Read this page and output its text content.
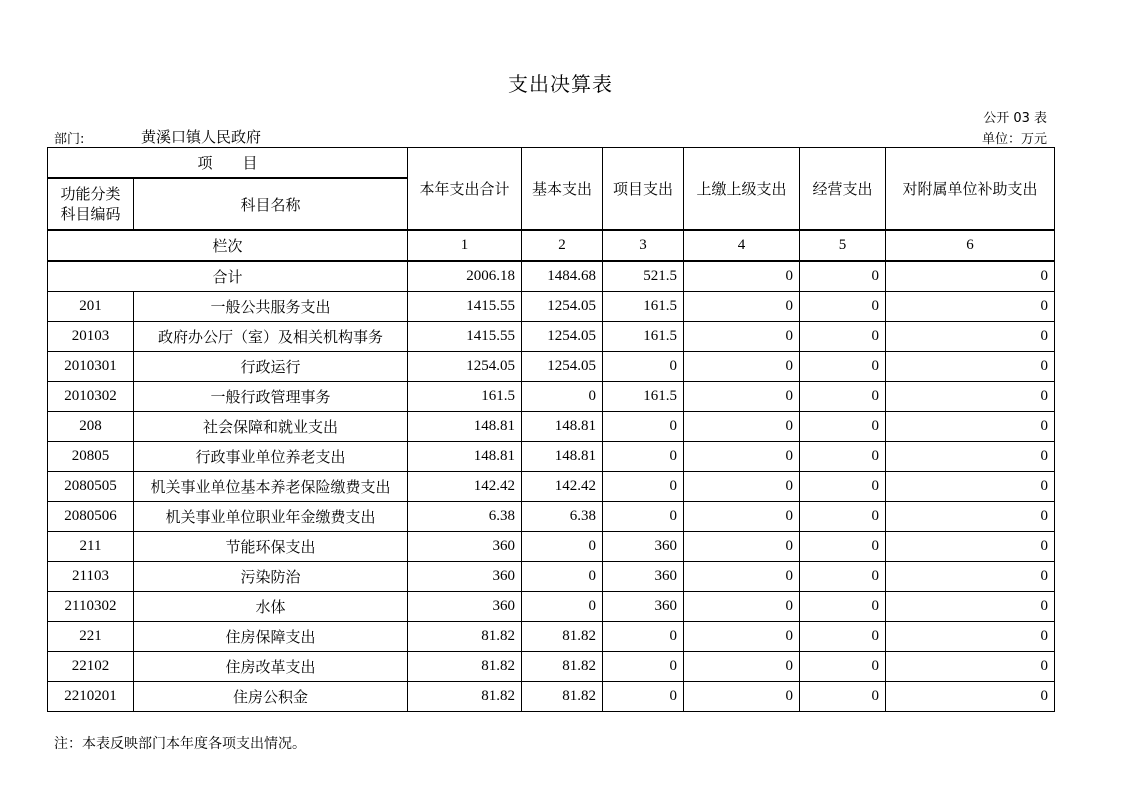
支出决算表
公开 03 表
部门:	黄溪口镇人民政府	单位：万元
项　　目		本年支出合计	基本支出	项目支出	上缴上级支出	经营支出	对附属单位补助支出
功能分类科目编码	科目名称						
栏次		1	2	3	4	5	6
合计		2006.18	1484.68	521.5	0	0	0
201	一般公共服务支出	1415.55	1254.05	161.5	0	0	0
20103	政府办公厅（室）及相关机构事务	1415.55	1254.05	161.5	0	0	0
2010301	行政运行	1254.05	1254.05	0	0	0	0
2010302	一般行政管理事务	161.5	0	161.5	0	0	0
208	社会保障和就业支出	148.81	148.81	0	0	0	0
20805	行政事业单位养老支出	148.81	148.81	0	0	0	0
2080505	机关事业单位基本养老保险缴费支出	142.42	142.42	0	0	0	0
2080506	机关事业单位职业年金缴费支出	6.38	6.38	0	0	0	0
211	节能环保支出	360	0	360	0	0	0
21103	污染防治	360	0	360	0	0	0
2110302	水体	360	0	360	0	0	0
221	住房保障支出	81.82	81.82	0	0	0	0
22102	住房改革支出	81.82	81.82	0	0	0	0
2210201	住房公积金	81.82	81.82	0	0	0	0
注：本表反映部门本年度各项支出情况。
